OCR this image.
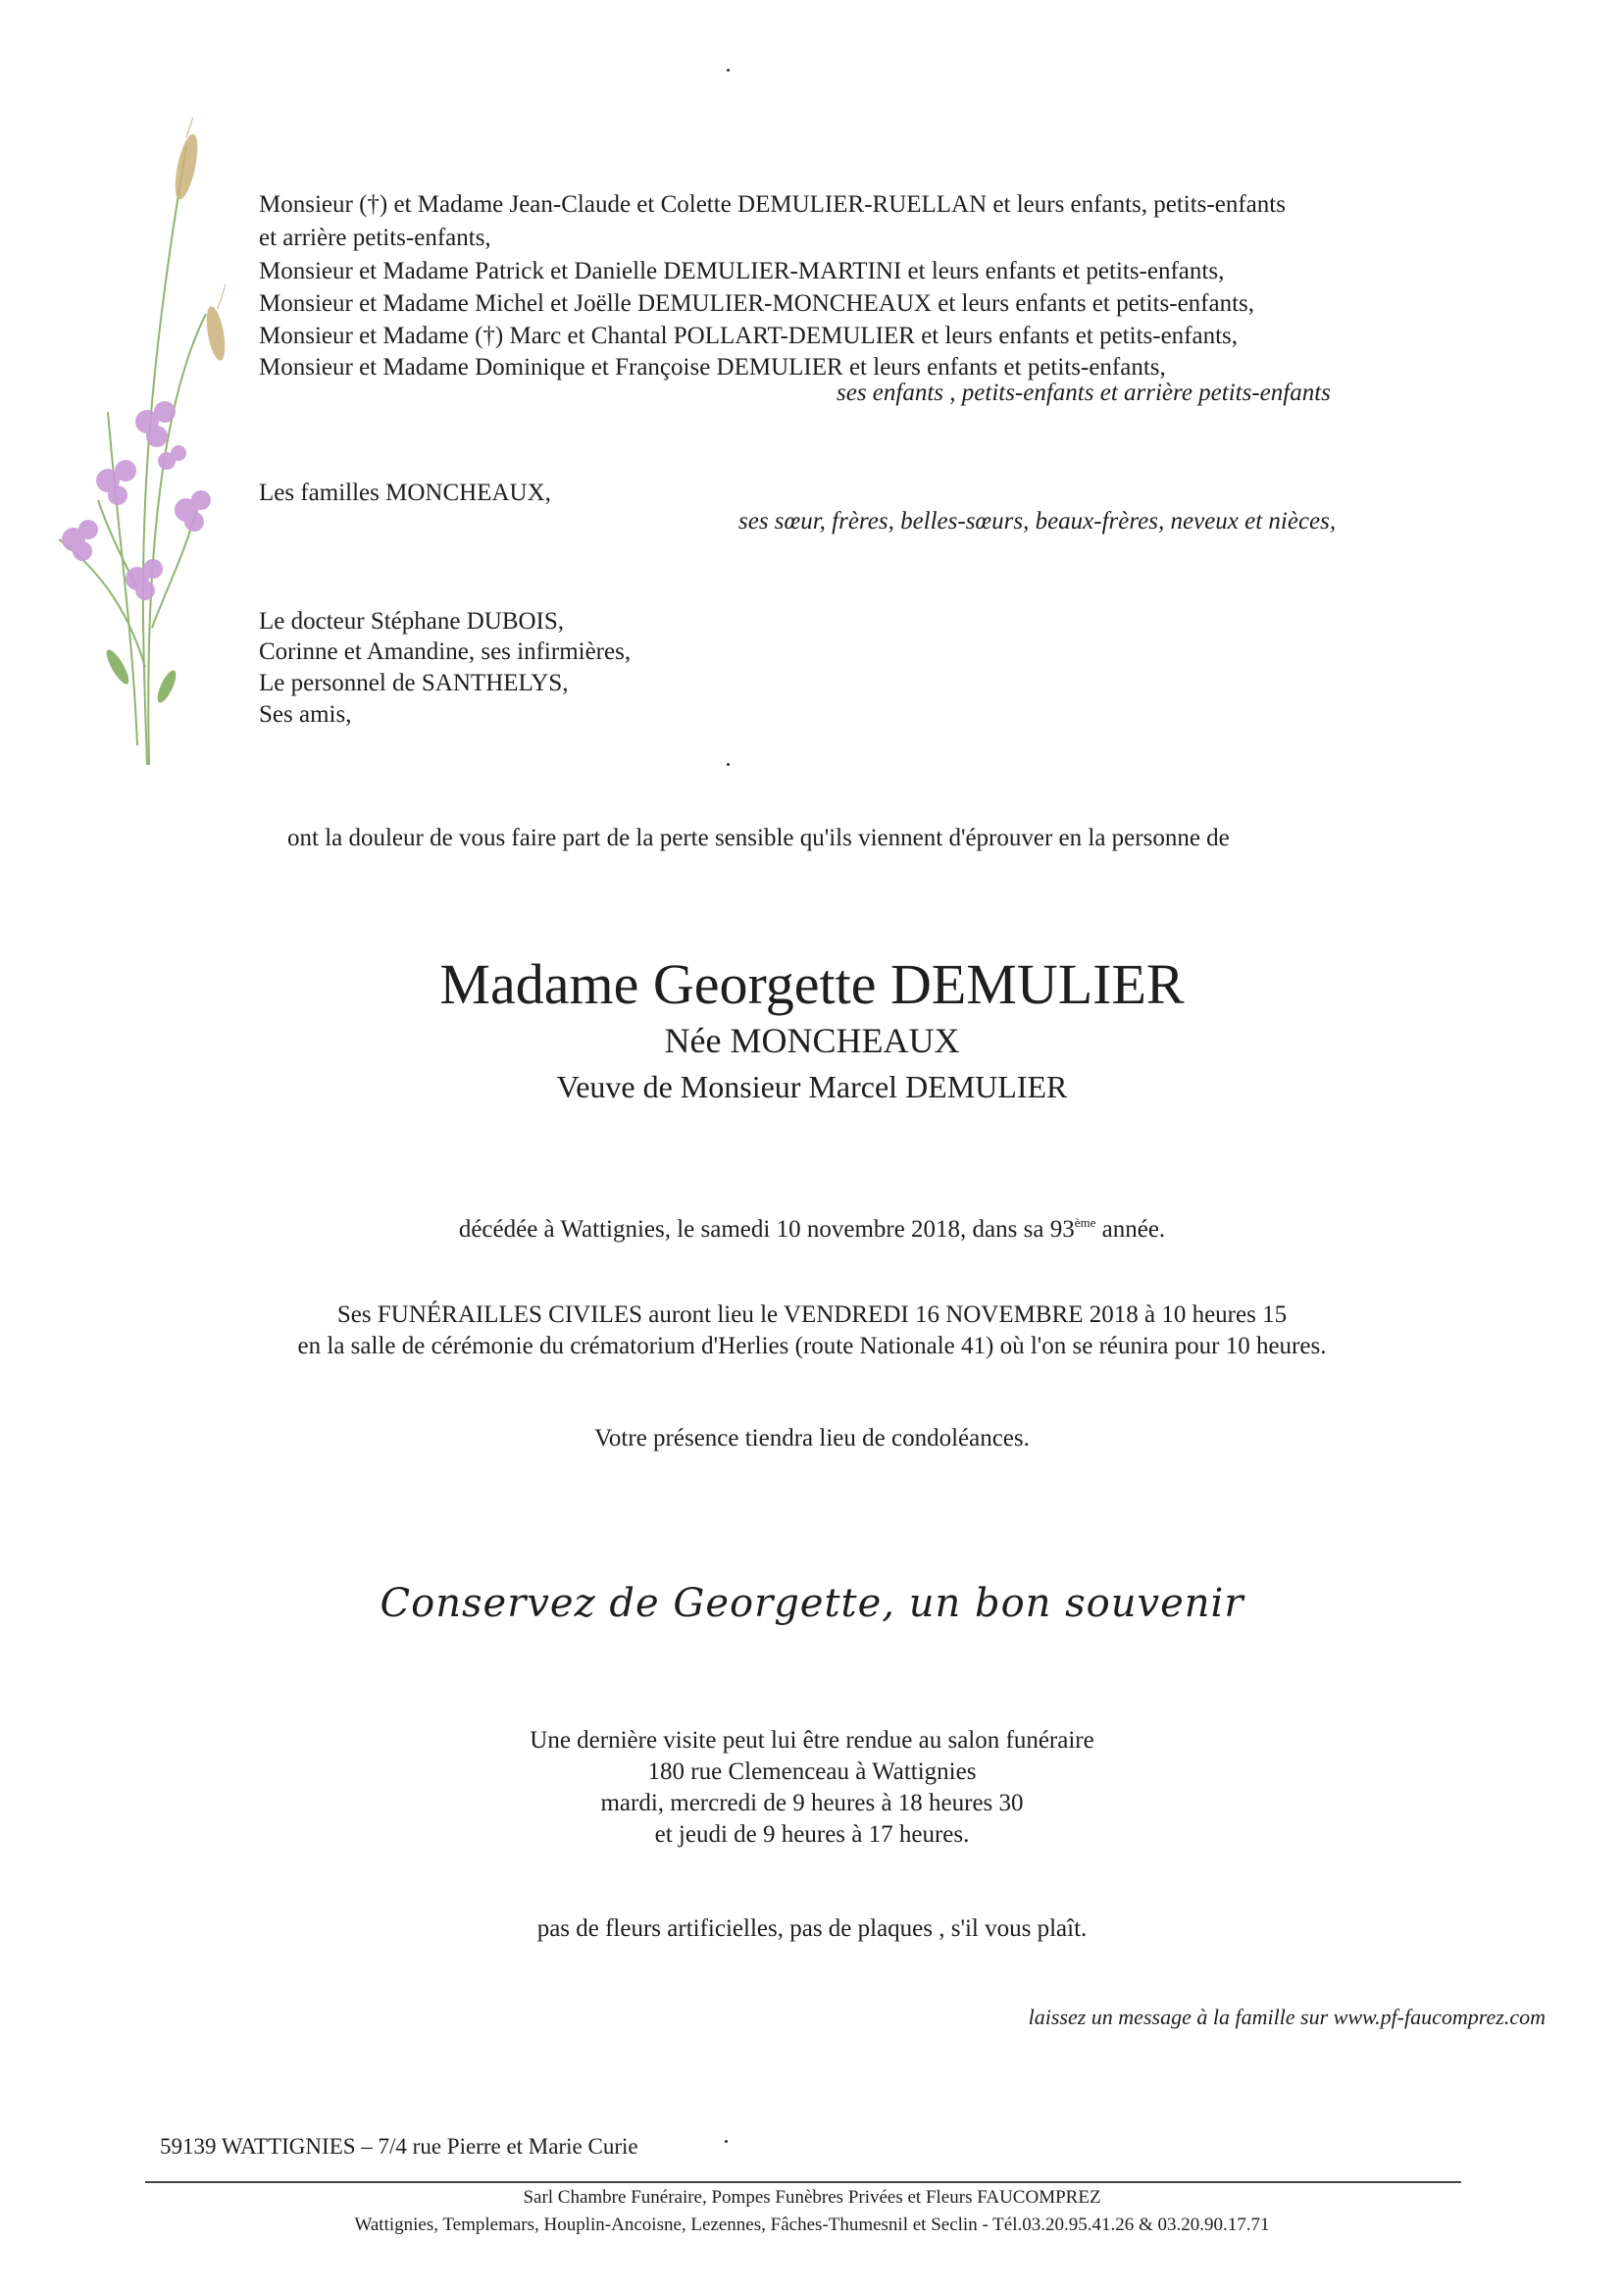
Monsieur (†) et Madame Jean-Claude et Colette DEMULIER-RUELLAN et leurs enfants, petits-enfants
et arrière petits-enfants,
Monsieur et Madame Patrick et Danielle DEMULIER-MARTINI et leurs enfants et petits-enfants,
Monsieur et Madame Michel et Joëlle DEMULIER-MONCHEAUX et leurs enfants et petits-enfants,
Monsieur et Madame (†) Marc et Chantal POLLART-DEMULIER et leurs enfants et petits-enfants,
Monsieur et Madame Dominique et Françoise DEMULIER et leurs enfants et petits-enfants,
ses enfants , petits-enfants et arrière petits-enfants
Les familles MONCHEAUX,
ses sœur, frères, belles-sœurs, beaux-frères, neveux et nièces,
Le docteur Stéphane DUBOIS,
Corinne et Amandine, ses infirmières,
Le personnel de SANTHELYS,
Ses amis,
ont la douleur de vous faire part de la perte sensible qu'ils viennent d'éprouver en la personne de
Madame Georgette DEMULIER
Née MONCHEAUX
Veuve de Monsieur Marcel DEMULIER
décédée à Wattignies, le samedi 10 novembre 2018, dans sa 93ème année.
Ses FUNÉRAILLES CIVILES auront lieu le VENDREDI 16 NOVEMBRE 2018 à 10 heures 15
en la salle de cérémonie du crématorium d'Herlies (route Nationale 41) où l'on se réunira pour 10 heures.
Votre présence tiendra lieu de condoléances.
Conservez de Georgette, un bon souvenir
Une dernière visite peut lui être rendue au salon funéraire
180 rue Clemenceau à Wattignies
mardi, mercredi de 9 heures à 18 heures 30
et jeudi de 9 heures à 17 heures.
pas de fleurs artificielles, pas de plaques , s'il vous plaît.
laissez un message à la famille sur www.pf-faucomprez.com
59139 WATTIGNIES – 7/4 rue Pierre et Marie Curie
Sarl Chambre Funéraire, Pompes Funèbres Privées et Fleurs FAUCOMPREZ
Wattignies, Templemars, Houplin-Ancoisne, Lezennes, Fâches-Thumesnil et Seclin - Tél.03.20.95.41.26 & 03.20.90.17.71
